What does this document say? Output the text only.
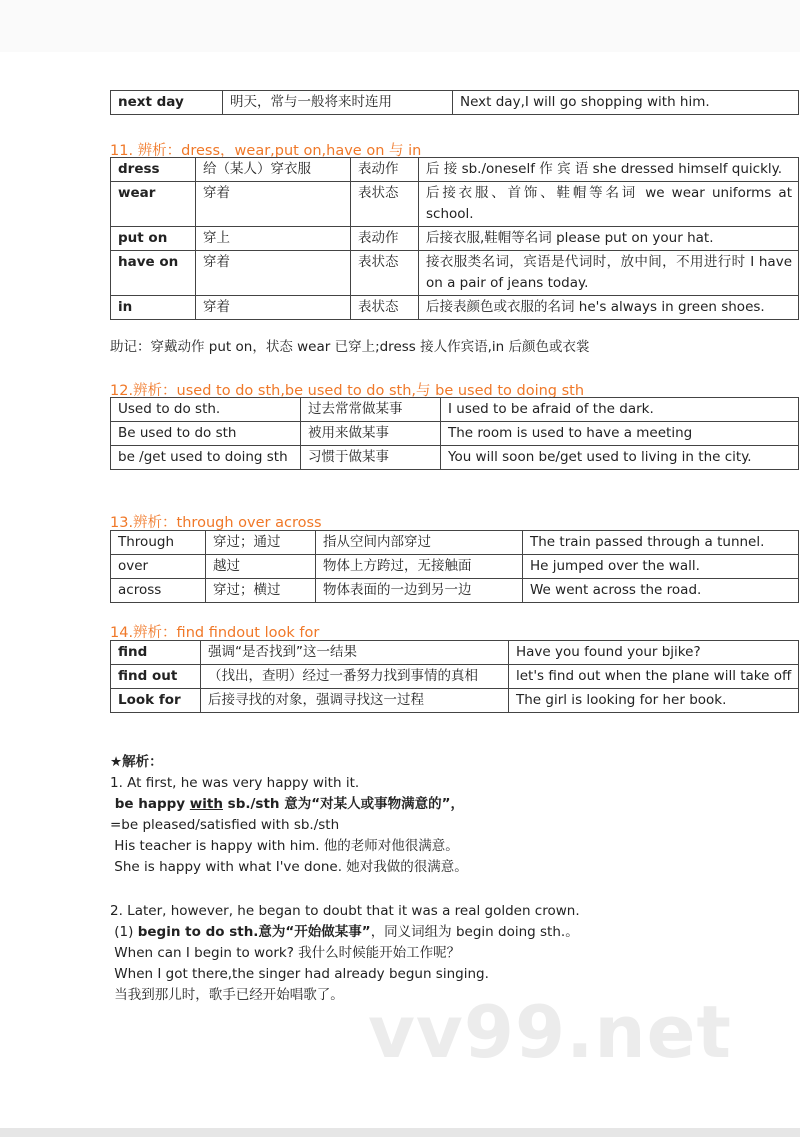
next day	明天，常与一般将来时连用	Next day,I will go shopping with him.
11. 辨析：dress，wear,put on,have on 与 in
dress	给（某人）穿衣服	表动作	后 接 sb./oneself 作 宾 语 she dressed himself quickly.
wear	穿着	表状态	后接衣服、首饰、鞋帽等名词 we wear uniforms at school.
put on	穿上	表动作	后接衣服,鞋帽等名词 please put on your hat.
have on	穿着	表状态	接衣服类名词，宾语是代词时，放中间，不用进行时 I have on a pair of jeans today.
in	穿着	表状态	后接表颜色或衣服的名词 he's always in green shoes.
助记：穿戴动作 put on，状态 wear 已穿上;dress 接人作宾语,in 后颜色或衣裳
12.辨析：used to do sth,be used to do sth,与 be used to doing sth
Used to do sth.	过去常常做某事	I used to be afraid of the dark.
Be used to do sth	被用来做某事	The room is used to have a meeting
be /get used to doing sth	习惯于做某事	You will soon be/get used to living in the city.
13.辨析：through over across
Through	穿过；通过	指从空间内部穿过	The train passed through a tunnel.
over	越过	物体上方跨过，无接触面	He jumped over the wall.
across	穿过；横过	物体表面的一边到另一边	We went across the road.
14.辨析：find findout look for
find	强调“是否找到”这一结果	Have you found your bjike?
find out	（找出，查明）经过一番努力找到事情的真相	let's find out when the plane will take off
Look for	后接寻找的对象，强调寻找这一过程	The girl is looking for her book.
★解析：
1. At first, he was very happy with it.
be happy with sb./sth 意为“对某人或事物满意的”，
=be pleased/satisfied with sb./sth
His teacher is happy with him. 他的老师对他很满意。
She is happy with what I've done. 她对我做的很满意。
2. Later, however, he began to doubt that it was a real golden crown.
(1) begin to do sth.意为“开始做某事”，同义词组为 begin doing sth.。
When can I begin to work? 我什么时候能开始工作呢？
When I got there,the singer had already begun singing.
当我到那儿时，歌手已经开始唱歌了。 vv99.net
